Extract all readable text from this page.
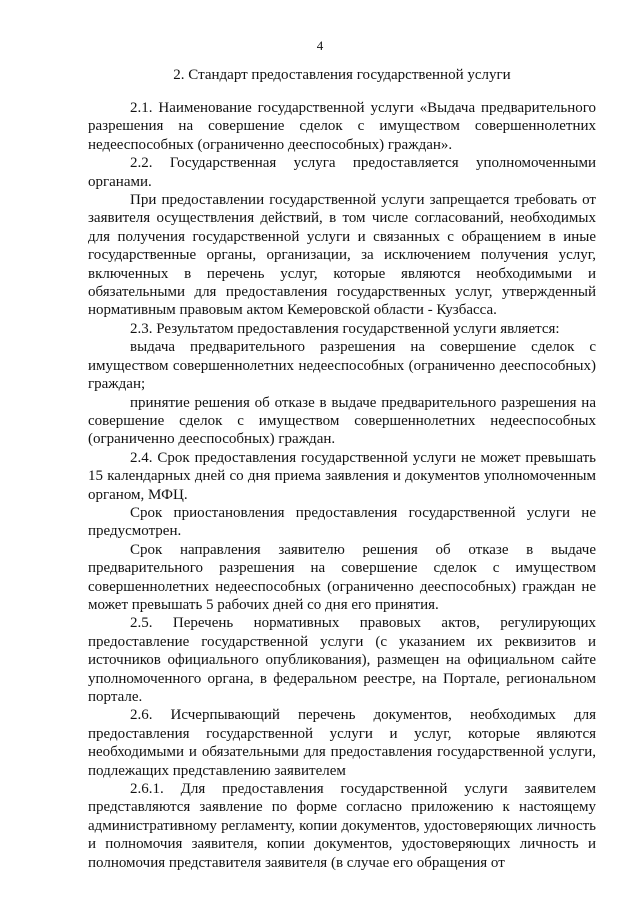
4
2. Стандарт предоставления государственной услуги

2.1. Наименование государственной услуги «Выдача предварительного разрешения на совершение сделок с имуществом совершеннолетних недееспособных (ограниченно дееспособных) граждан».

2.2. Государственная услуга предоставляется уполномоченными органами.

При предоставлении государственной услуги запрещается требовать от заявителя осуществления действий, в том числе согласований, необходимых для получения государственной услуги и связанных с обращением в иные государственные органы, организации, за исключением получения услуг, включенных в перечень услуг, которые являются необходимыми и обязательными для предоставления государственных услуг, утвержденный нормативным правовым актом Кемеровской области - Кузбасса.

2.3. Результатом предоставления государственной услуги является:

выдача предварительного разрешения на совершение сделок с имуществом совершеннолетних недееспособных (ограниченно дееспособных) граждан;

принятие решения об отказе в выдаче предварительного разрешения на совершение сделок с имуществом совершеннолетних недееспособных (ограниченно дееспособных) граждан.

2.4. Срок предоставления государственной услуги не может превышать 15 календарных дней со дня приема заявления и документов уполномоченным органом, МФЦ.

Срок приостановления предоставления государственной услуги не предусмотрен.

Срок направления заявителю решения об отказе в выдаче предварительного разрешения на совершение сделок с имуществом совершеннолетних недееспособных (ограниченно дееспособных) граждан не может превышать 5 рабочих дней со дня его принятия.

2.5. Перечень нормативных правовых актов, регулирующих предоставление государственной услуги (с указанием их реквизитов и источников официального опубликования), размещен на официальном сайте уполномоченного органа, в федеральном реестре, на Портале, региональном портале.

2.6. Исчерпывающий перечень документов, необходимых для предоставления государственной услуги и услуг, которые являются необходимыми и обязательными для предоставления государственной услуги, подлежащих представлению заявителем

2.6.1. Для предоставления государственной услуги заявителем представляются заявление по форме согласно приложению к настоящему административному регламенту, копии документов, удостоверяющих личность и полномочия заявителя, копии документов, удостоверяющих личность и полномочия представителя заявителя (в случае его обращения от
